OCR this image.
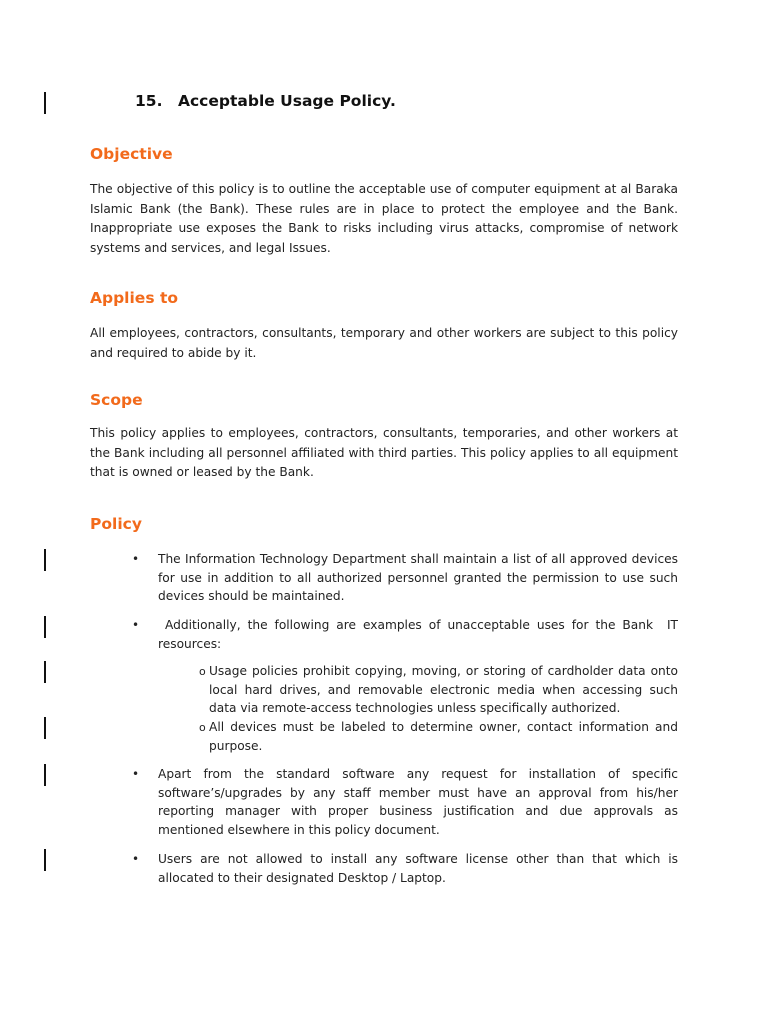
15. Acceptable Usage Policy.
Objective
The objective of this policy is to outline the acceptable use of computer equipment at al Baraka Islamic Bank (the Bank). These rules are in place to protect the employee and the Bank. Inappropriate use exposes the Bank to risks including virus attacks, compromise of network systems and services, and legal Issues.
Applies to
All employees, contractors, consultants, temporary and other workers are subject to this policy and required to abide by it.
Scope
This policy applies to employees, contractors, consultants, temporaries, and other workers at the Bank including all personnel affiliated with third parties. This policy applies to all equipment that is owned or leased by the Bank.
Policy
• The Information Technology Department shall maintain a list of all approved devices for use in addition to all authorized personnel granted the permission to use such devices should be maintained.
• Additionally, the following are examples of unacceptable uses for the Bank  IT resources:
o Usage policies prohibit copying, moving, or storing of cardholder data onto local hard drives, and removable electronic media when accessing such data via remote-access technologies unless specifically authorized.
o All devices must be labeled to determine owner, contact information and purpose.
• Apart from the standard software any request for installation of specific software’s/upgrades by any staff member must have an approval from his/her reporting manager with proper business justification and due approvals as mentioned elsewhere in this policy document.
• Users are not allowed to install any software license other than that which is allocated to their designated Desktop / Laptop.
